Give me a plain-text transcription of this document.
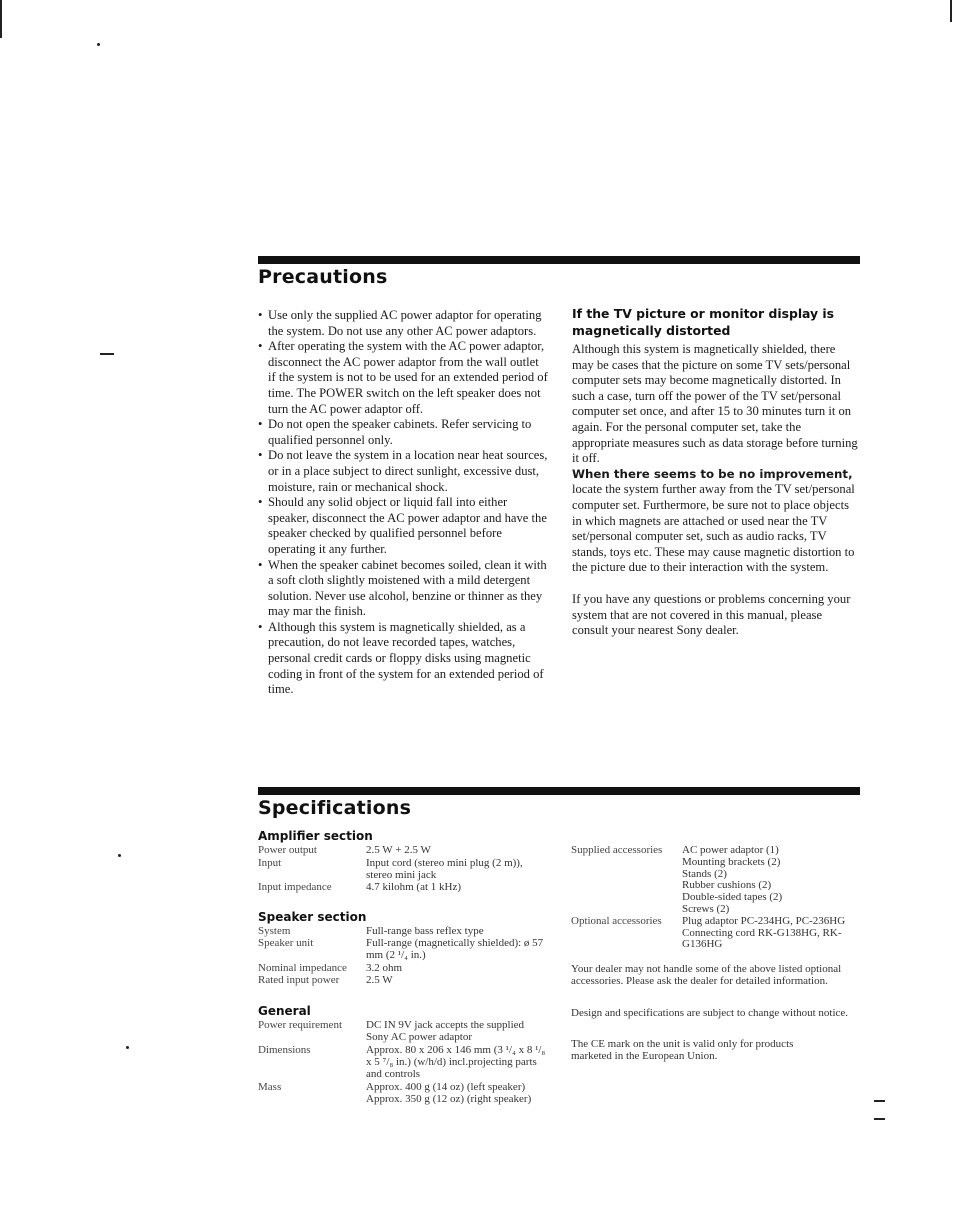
Precautions
• Use only the supplied AC power adaptor for operating the system. Do not use any other AC power adaptors.
• After operating the system with the AC power adaptor, disconnect the AC power adaptor from the wall outlet if the system is not to be used for an extended period of time. The POWER switch on the left speaker does not turn the AC power adaptor off.
• Do not open the speaker cabinets. Refer servicing to qualified personnel only.
• Do not leave the system in a location near heat sources, or in a place subject to direct sunlight, excessive dust, moisture, rain or mechanical shock.
• Should any solid object or liquid fall into either speaker, disconnect the AC power adaptor and have the speaker checked by qualified personnel before operating it any further.
• When the speaker cabinet becomes soiled, clean it with a soft cloth slightly moistened with a mild detergent solution. Never use alcohol, benzine or thinner as they may mar the finish.
• Although this system is magnetically shielded, as a precaution, do not leave recorded tapes, watches, personal credit cards or floppy disks using magnetic coding in front of the system for an extended period of time.
If the TV picture or monitor display is magnetically distorted

Although this system is magnetically shielded, there may be cases that the picture on some TV sets/personal computer sets may become magnetically distorted. In such a case, turn off the power of the TV set/personal computer set once, and after 15 to 30 minutes turn it on again. For the personal computer set, take the appropriate measures such as data storage before turning it off.

When there seems to be no improvement, locate the system further away from the TV set/personal computer set. Furthermore, be sure not to place objects in which magnets are attached or used near the TV set/personal computer set, such as audio racks, TV stands, toys etc. These may cause magnetic distortion to the picture due to their interaction with the system.

If you have any questions or problems concerning your system that are not covered in this manual, please consult your nearest Sony dealer.

Specifications
Amplifier section
Power output	2.5 W + 2.5 W
Input	Input cord (stereo mini plug (2 m)), stereo mini jack
Input impedance	4.7 kilohm (at 1 kHz)
Speaker section
System	Full-range bass reflex type
Speaker unit	Full-range (magnetically shielded): ø 57 mm (2 ¹/₄ in.)
Nominal impedance 3.2 ohm
Rated input power 2.5 W
General
Power requirement DC IN 9V jack accepts the supplied Sony AC power adaptor
Dimensions	Approx. 80 x 206 x 146 mm (3 ¹/₄ x 8 ¹/₈ x 5 ⁷/₈ in.) (w/h/d) incl.projecting parts and controls
Mass	Approx. 400 g (14 oz) (left speaker) Approx. 350 g (12 oz) (right speaker)
Supplied accessories AC power adaptor (1)
Mounting brackets (2)
Stands (2)
Rubber cushions (2)
Double-sided tapes (2)
Screws (2)
Optional accessories Plug adaptor PC-234HG, PC-236HG
Connecting cord RK-G138HG, RK-G136HG
Your dealer may not handle some of the above listed optional accessories. Please ask the dealer for detailed information.
Design and specifications are subject to change without notice.
The CE mark on the unit is valid only for products marketed in the European Union.
